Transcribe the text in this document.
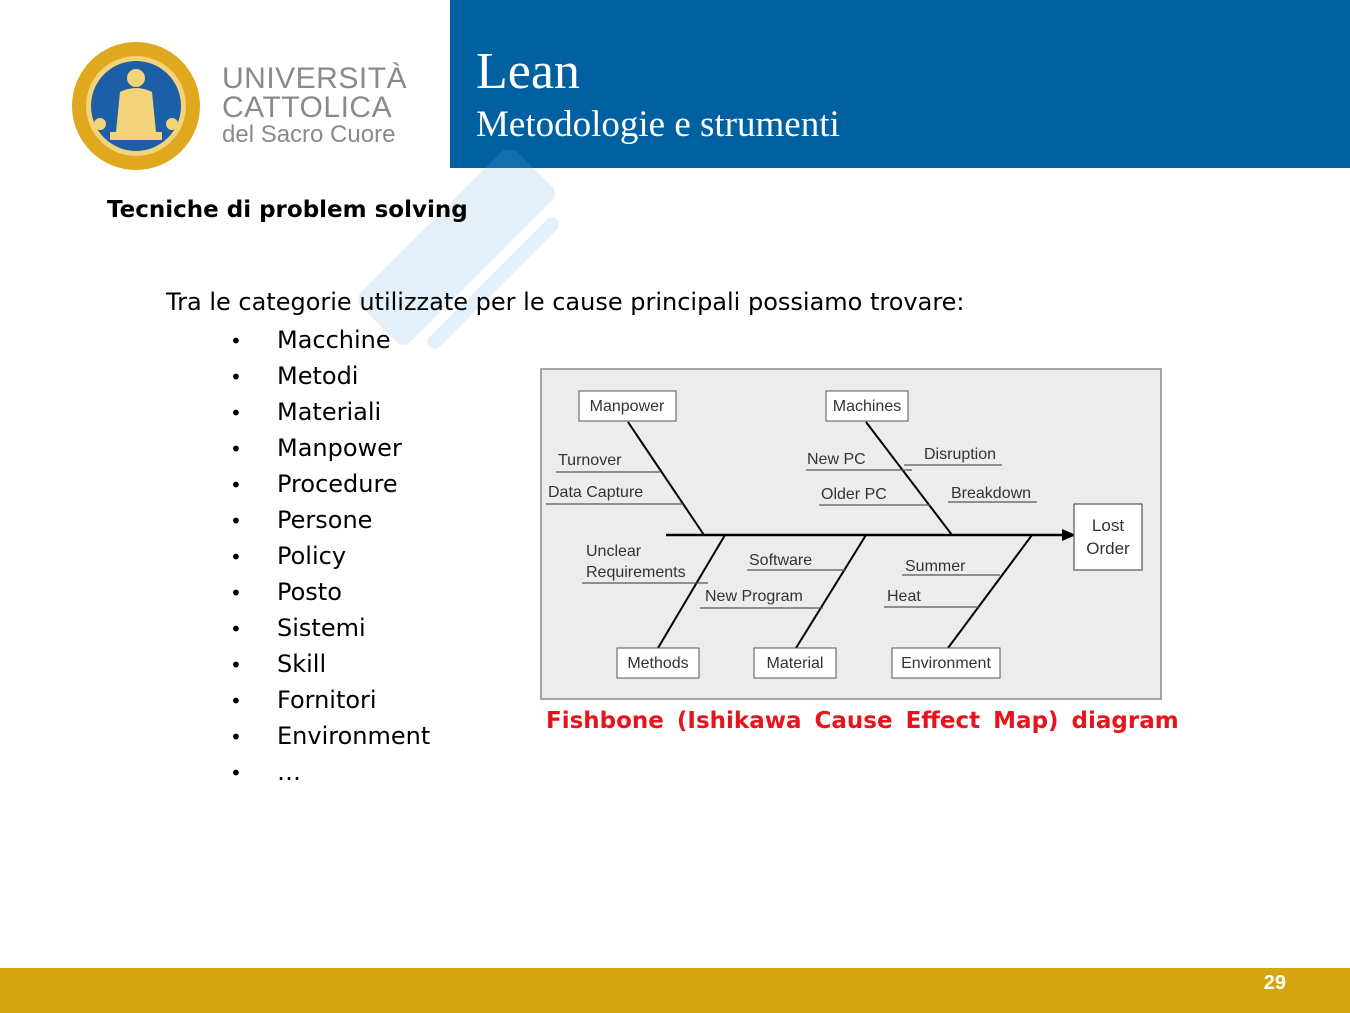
UNIVERSITÀ
CATTOLICA
del Sacro Cuore
Lean
Metodologie e strumenti
Tecniche di problem solving
Tra le categorie utilizzate per le cause principali possiamo trovare:
• Macchine
• Metodi
• Materiali
• Manpower
• Procedure
• Persone
• Policy
• Posto
• Sistemi
• Skill
• Fornitori
• Environment
• …
Lost
Order
Manpower	Machines
Methods	Material	Environment
Turnover
Data Capture
New PC	Disruption
Older PC	Breakdown
Unclear
Requirements
Software
New Program
Summer
Heat
Fishbone (Ishikawa Cause Effect Map) diagram
29
